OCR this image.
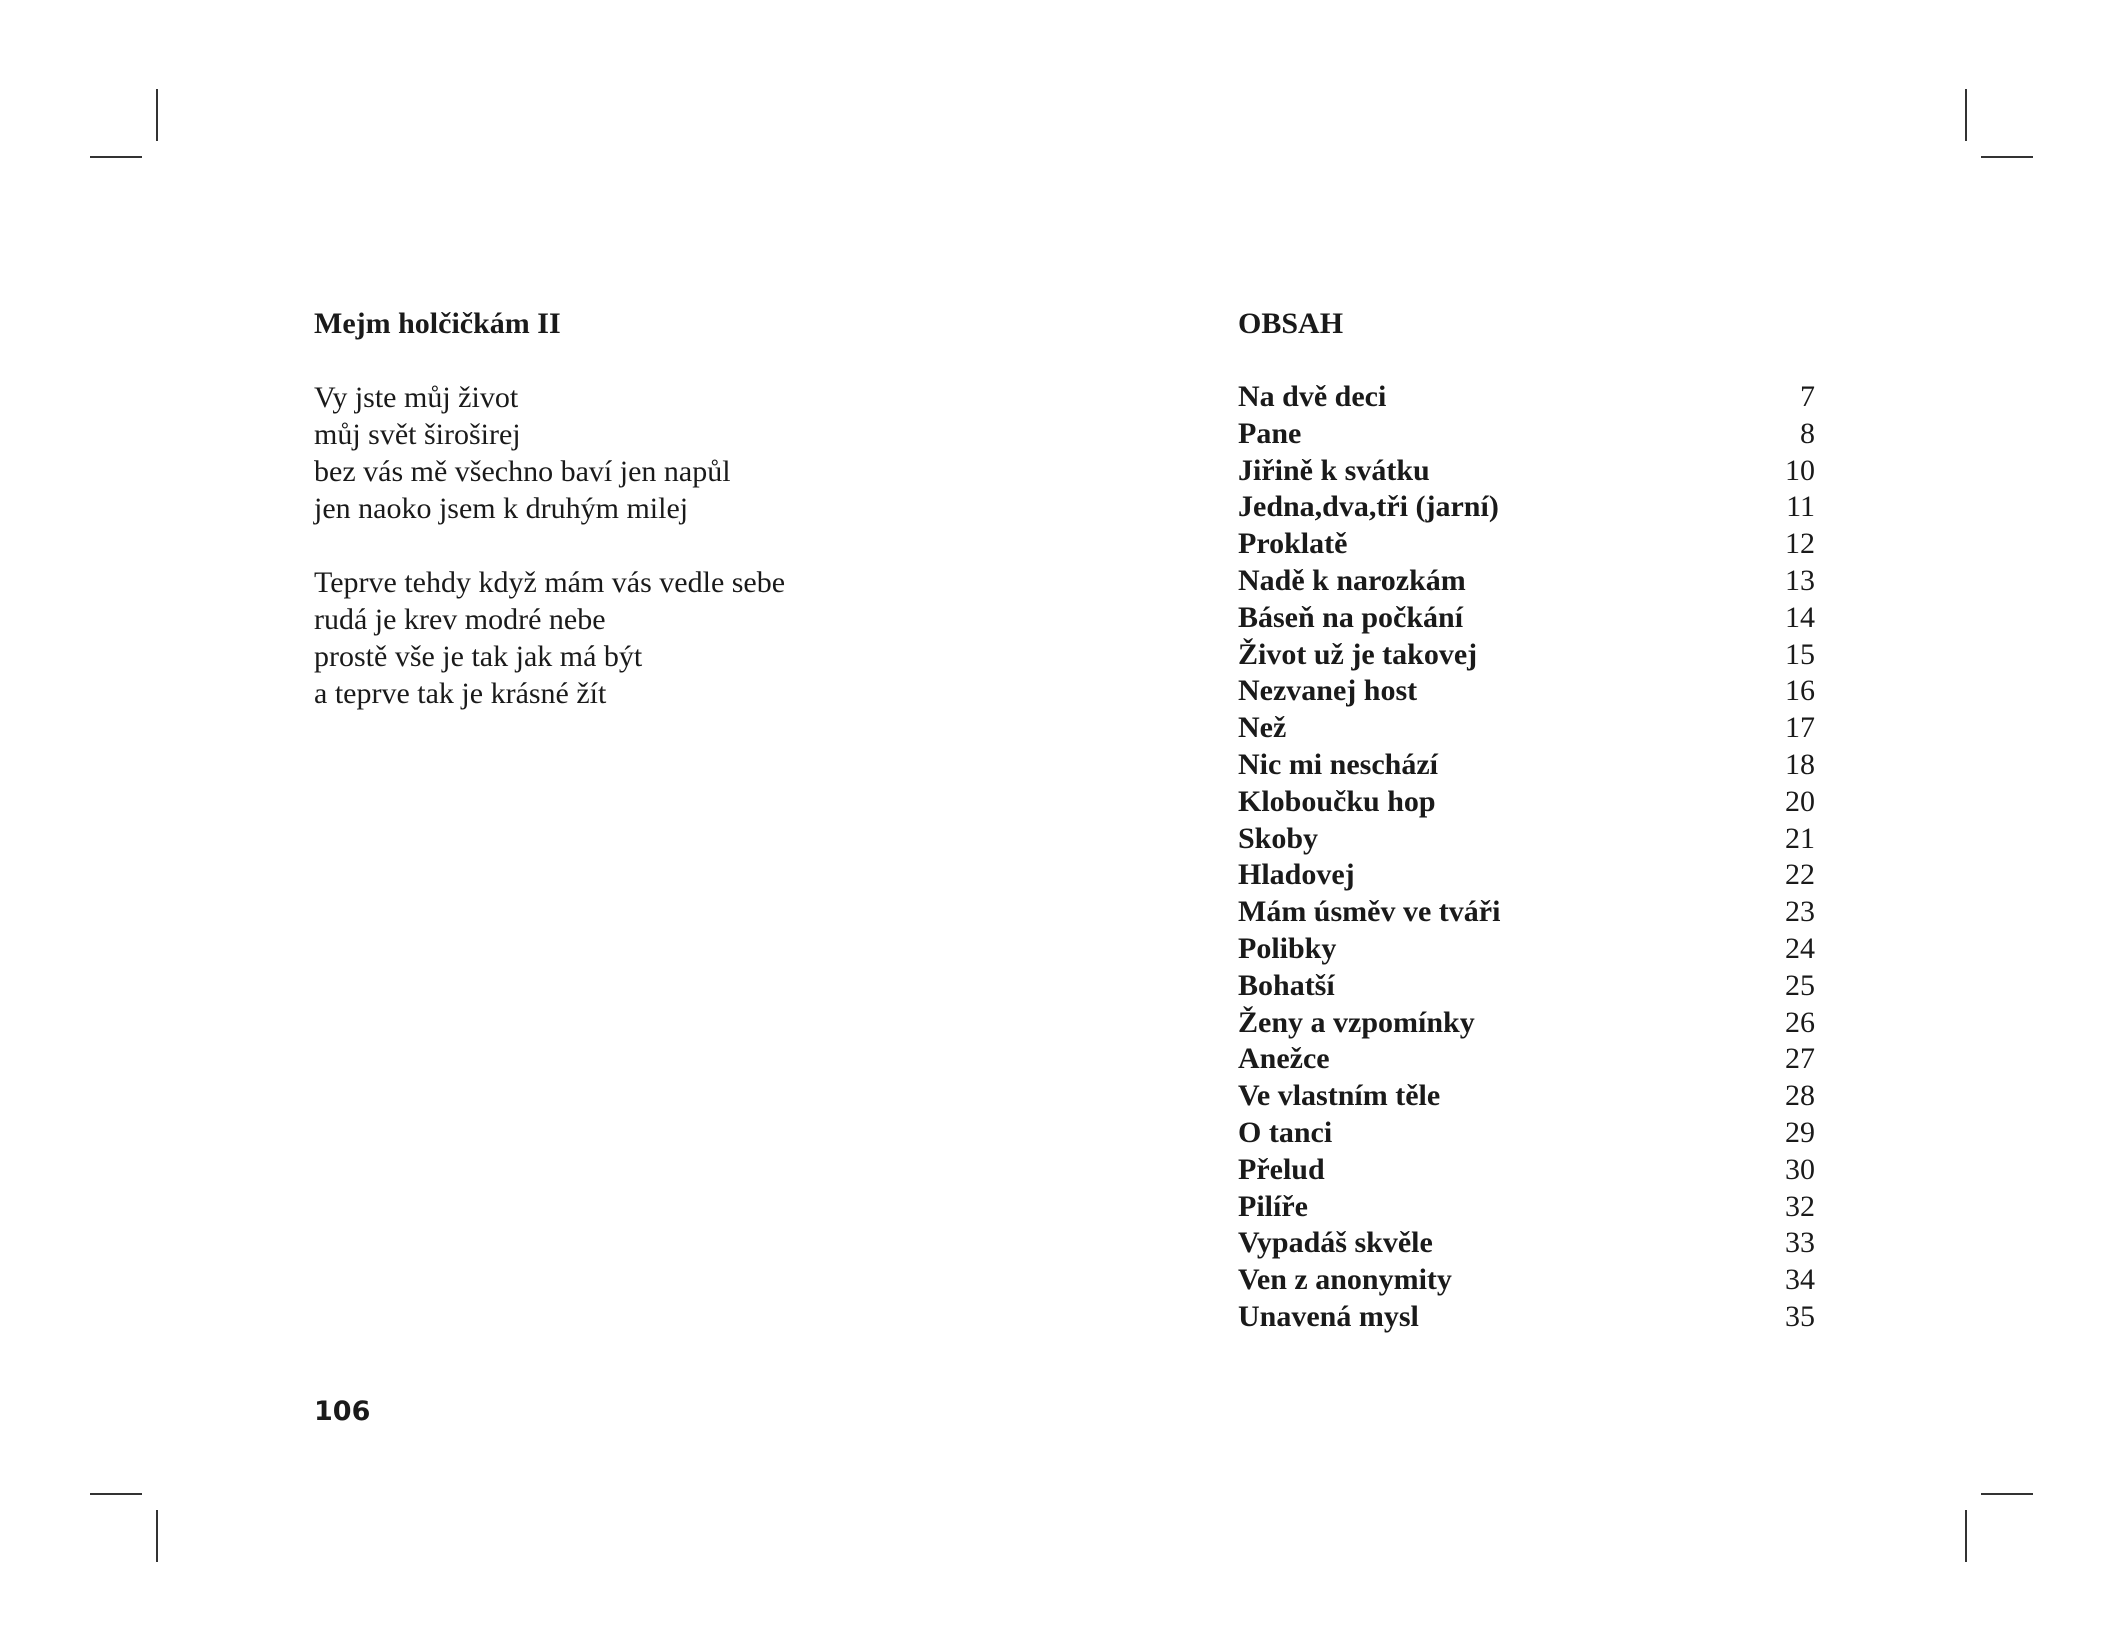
Mejm holčičkám II
Vy jste můj život
můj svět široširej
bez vás mě všechno baví jen napůl
jen naoko jsem k druhým milej
Teprve tehdy když mám vás vedle sebe
rudá je krev modré nebe
prostě vše je tak jak má být
a teprve tak je krásné žít
106
OBSAH
Na dvě deci	7
Pane	8
Jiřině k svátku	10
Jedna,dva,tři (jarní)	11
Proklatě	12
Nadě k narozkám	13
Báseň na počkání	14
Život už je takovej	15
Nezvanej host	16
Než	17
Nic mi neschází	18
Kloboučku hop	20
Skoby	21
Hladovej	22
Mám úsměv ve tváři	23
Polibky	24
Bohatší	25
Ženy a vzpomínky	26
Anežce	27
Ve vlastním těle	28
O tanci	29
Přelud	30
Pilíře	32
Vypadáš skvěle	33
Ven z anonymity	34
Unavená mysl	35
